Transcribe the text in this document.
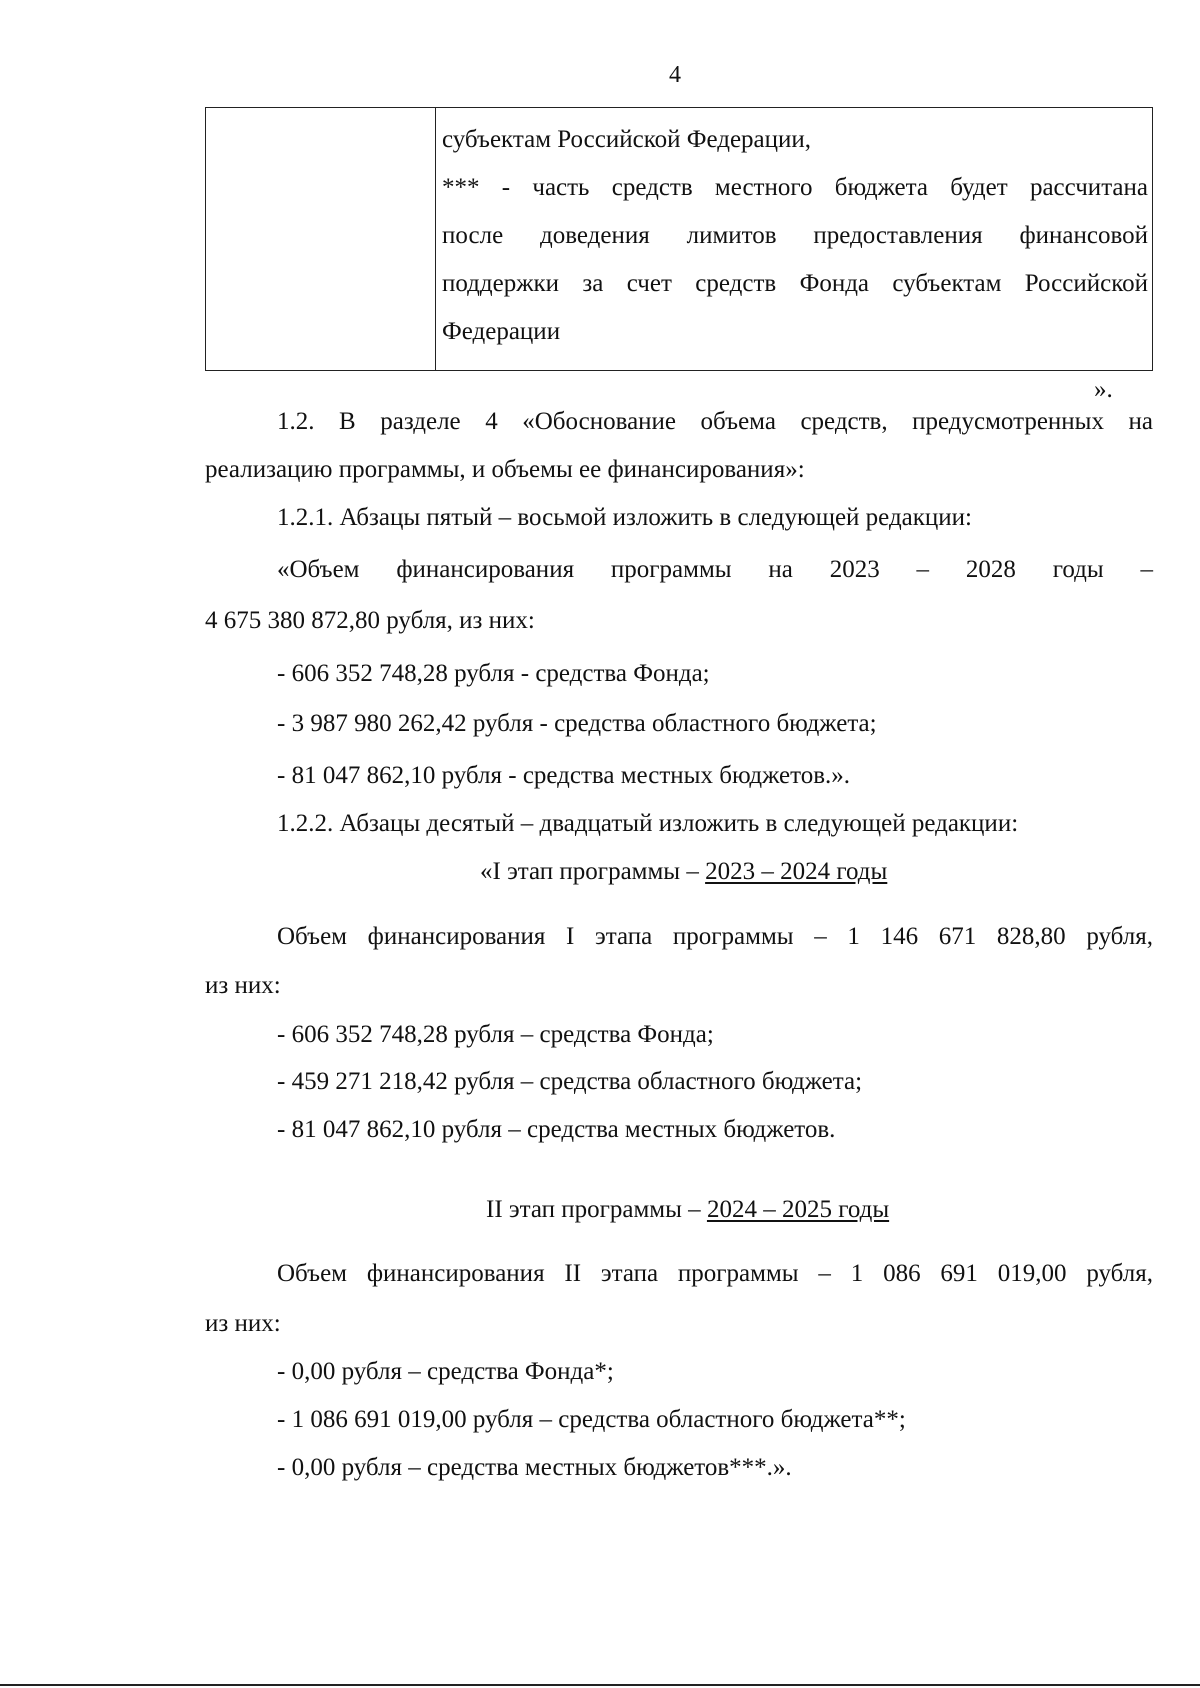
4
субъектам Российской Федерации,
*** - часть средств местного бюджета будет рассчитана
после доведения лимитов предоставления финансовой
поддержки за счет средств Фонда субъектам Российской
Федерации
».
1.2. В разделе 4 «Обоснование объема средств, предусмотренных на
реализацию программы, и объемы ее финансирования»:
1.2.1. Абзацы пятый – восьмой изложить в следующей редакции:
«Объем финансирования программы на 2023 – 2028 годы –
4 675 380 872,80 рубля, из них:
- 606 352 748,28 рубля - средства Фонда;
- 3 987 980 262,42 рубля - средства областного бюджета;
- 81 047 862,10 рубля - средства местных бюджетов.».
1.2.2. Абзацы десятый – двадцатый изложить в следующей редакции:
«I этап программы – 2023 – 2024 годы
Объем финансирования I этапа программы – 1 146 671 828,80 рубля,
из них:
- 606 352 748,28 рубля – средства Фонда;
- 459 271 218,42 рубля – средства областного бюджета;
- 81 047 862,10 рубля – средства местных бюджетов.
II этап программы – 2024 – 2025 годы
Объем финансирования II этапа программы – 1 086 691 019,00 рубля,
из них:
- 0,00 рубля – средства Фонда*;
- 1 086 691 019,00 рубля – средства областного бюджета**;
- 0,00 рубля – средства местных бюджетов***.».
